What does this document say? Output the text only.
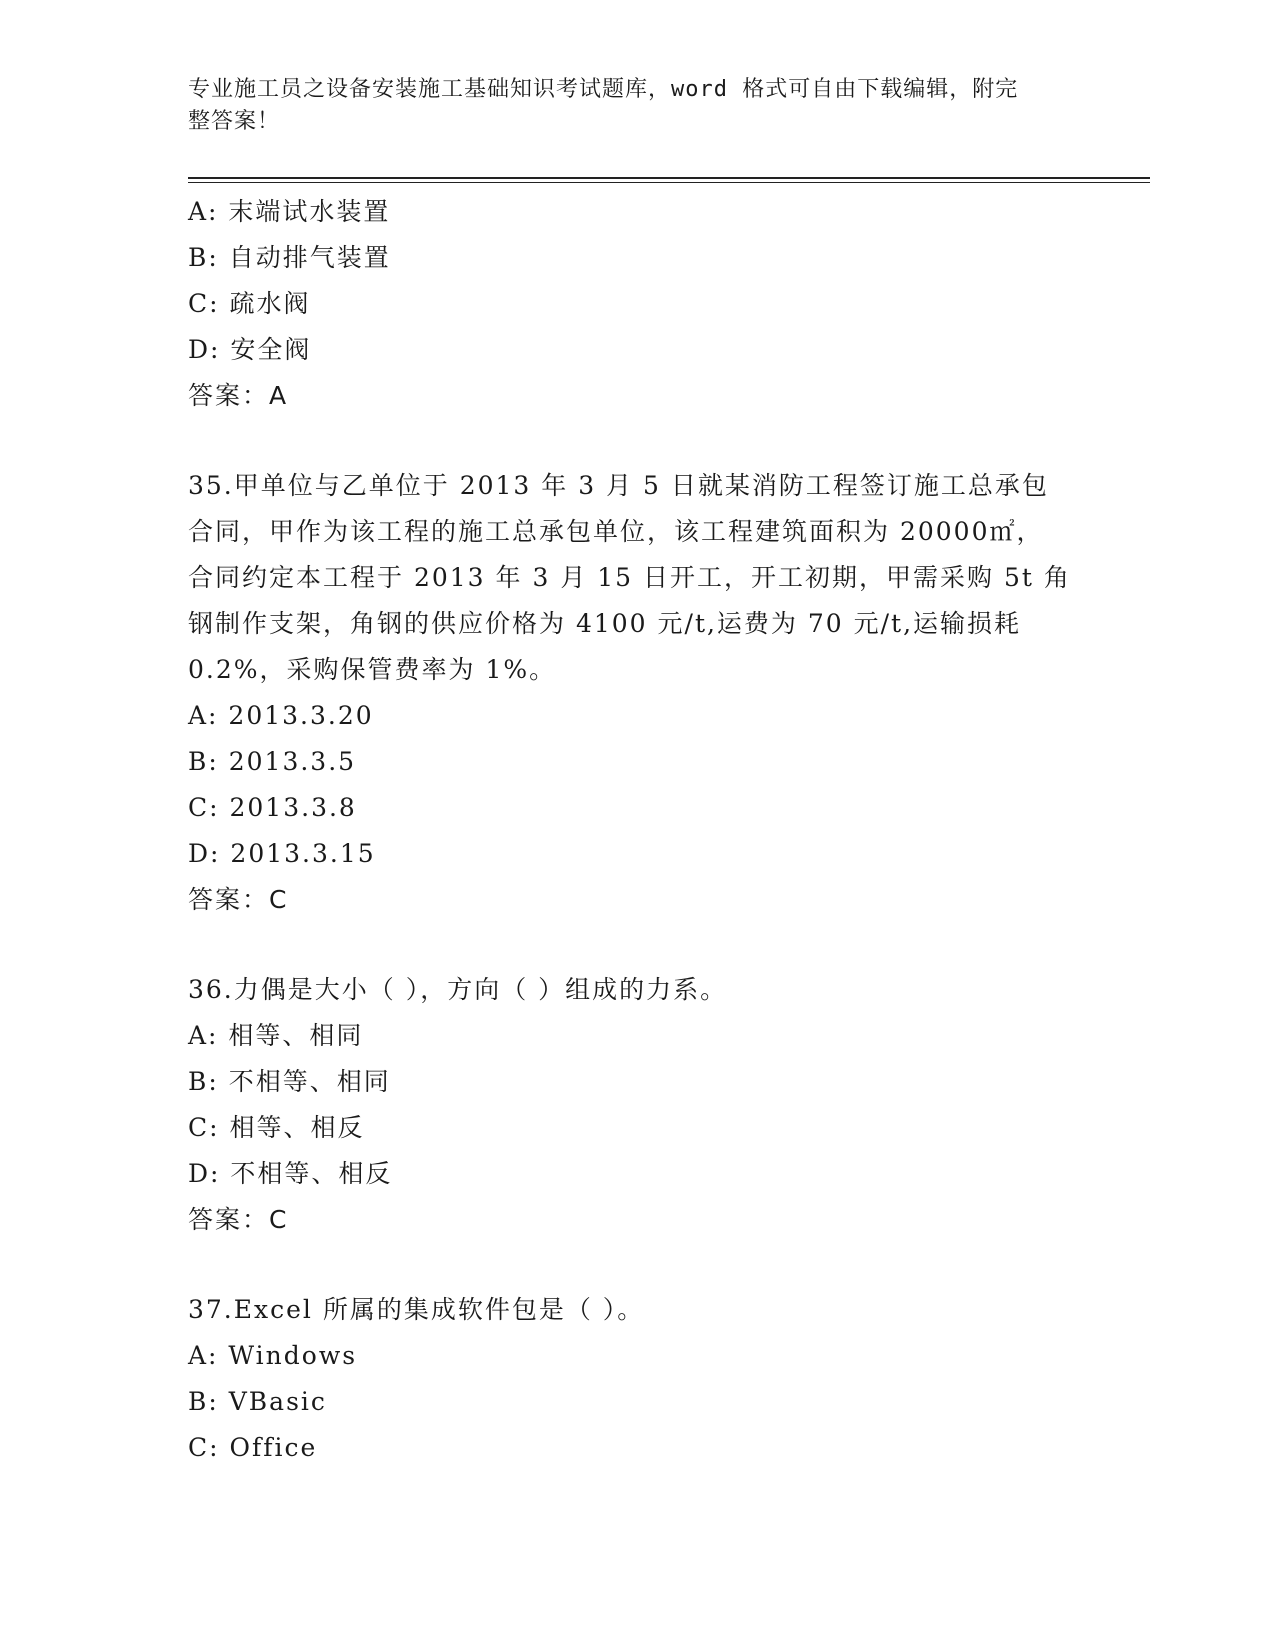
专业施工员之设备安装施工基础知识考试题库，word 格式可自由下载编辑，附完
整答案！
A: 末端试水装置
B: 自动排气装置
C: 疏水阀
D: 安全阀
答案：A
35.甲单位与乙单位于 2013 年 3 月 5 日就某消防工程签订施工总承包
合同，甲作为该工程的施工总承包单位，该工程建筑面积为 20000㎡，
合同约定本工程于 2013 年 3 月 15 日开工，开工初期，甲需采购 5t 角
钢制作支架，角钢的供应价格为 4100 元/t,运费为 70 元/t,运输损耗
0.2%，采购保管费率为 1%。
A: 2013.3.20
B: 2013.3.5
C: 2013.3.8
D: 2013.3.15
答案：C
36.力偶是大小（ ），方向（ ）组成的力系。
A: 相等、相同
B: 不相等、相同
C: 相等、相反
D: 不相等、相反
答案：C
37.Excel 所属的集成软件包是（ ）。
A: Windows
B: VBasic
C: Office
